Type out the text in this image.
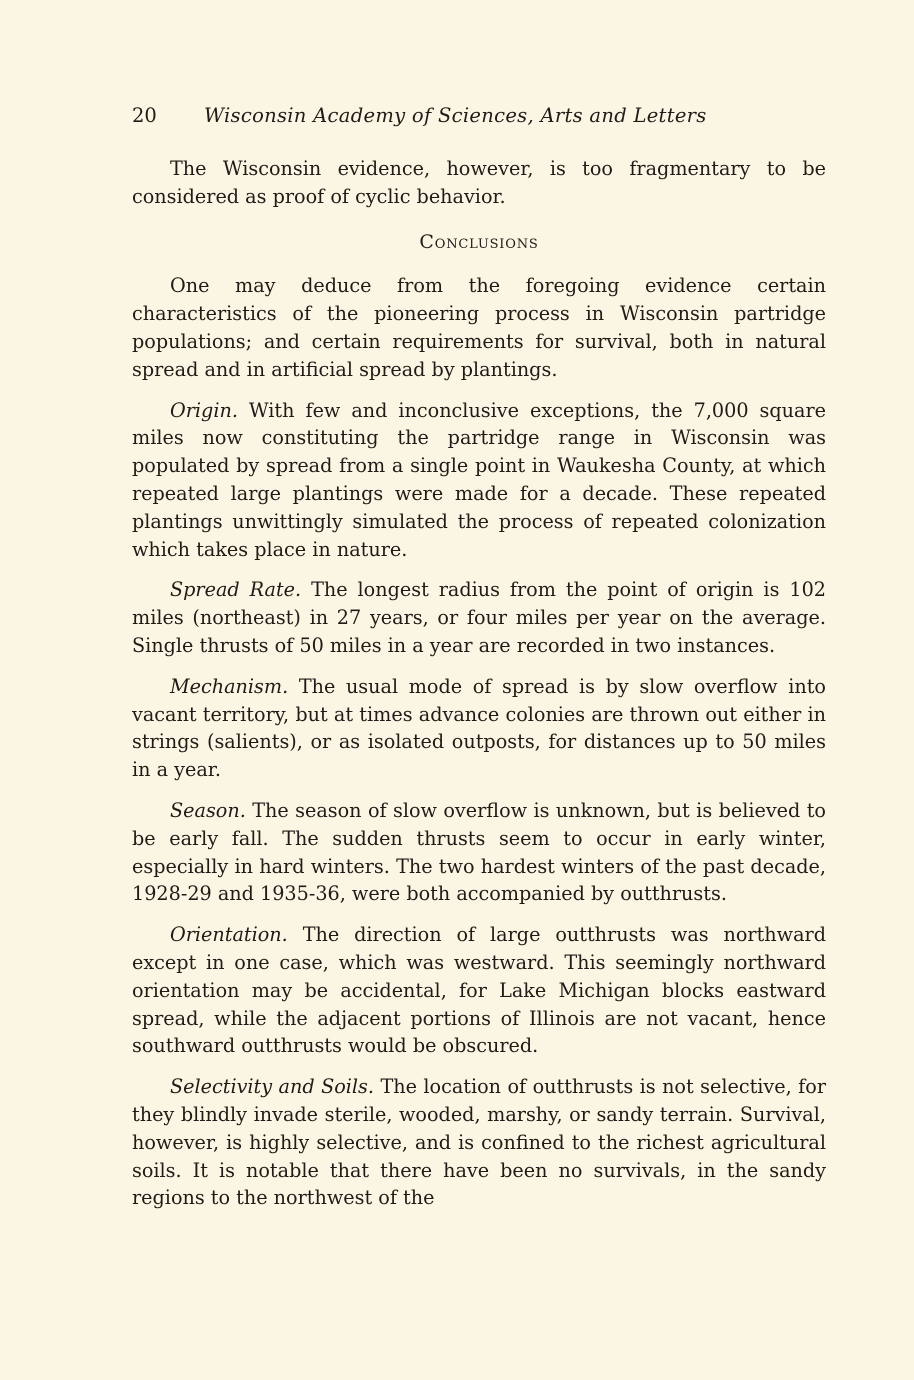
20 Wisconsin Academy of Sciences, Arts and Letters

The Wisconsin evidence, however, is too fragmentary to be considered as proof of cyclic behavior.

Conclusions

One may deduce from the foregoing evidence certain characteristics of the pioneering process in Wisconsin partridge populations; and certain requirements for survival, both in natural spread and in artificial spread by plantings.

Origin. With few and inconclusive exceptions, the 7,000 square miles now constituting the partridge range in Wisconsin was populated by spread from a single point in Waukesha County, at which repeated large plantings were made for a decade. These repeated plantings unwittingly simulated the process of repeated colonization which takes place in nature.

Spread Rate. The longest radius from the point of origin is 102 miles (northeast) in 27 years, or four miles per year on the average. Single thrusts of 50 miles in a year are recorded in two instances.

Mechanism. The usual mode of spread is by slow overflow into vacant territory, but at times advance colonies are thrown out either in strings (salients), or as isolated outposts, for distances up to 50 miles in a year.

Season. The season of slow overflow is unknown, but is believed to be early fall. The sudden thrusts seem to occur in early winter, especially in hard winters. The two hardest winters of the past decade, 1928-29 and 1935-36, were both accompanied by outthrusts.

Orientation. The direction of large outthrusts was northward except in one case, which was westward. This seemingly northward orientation may be accidental, for Lake Michigan blocks eastward spread, while the adjacent portions of Illinois are not vacant, hence southward outthrusts would be obscured.

Selectivity and Soils. The location of outthrusts is not selective, for they blindly invade sterile, wooded, marshy, or sandy terrain. Survival, however, is highly selective, and is confined to the richest agricultural soils. It is notable that there have been no survivals, in the sandy regions to the northwest of the
